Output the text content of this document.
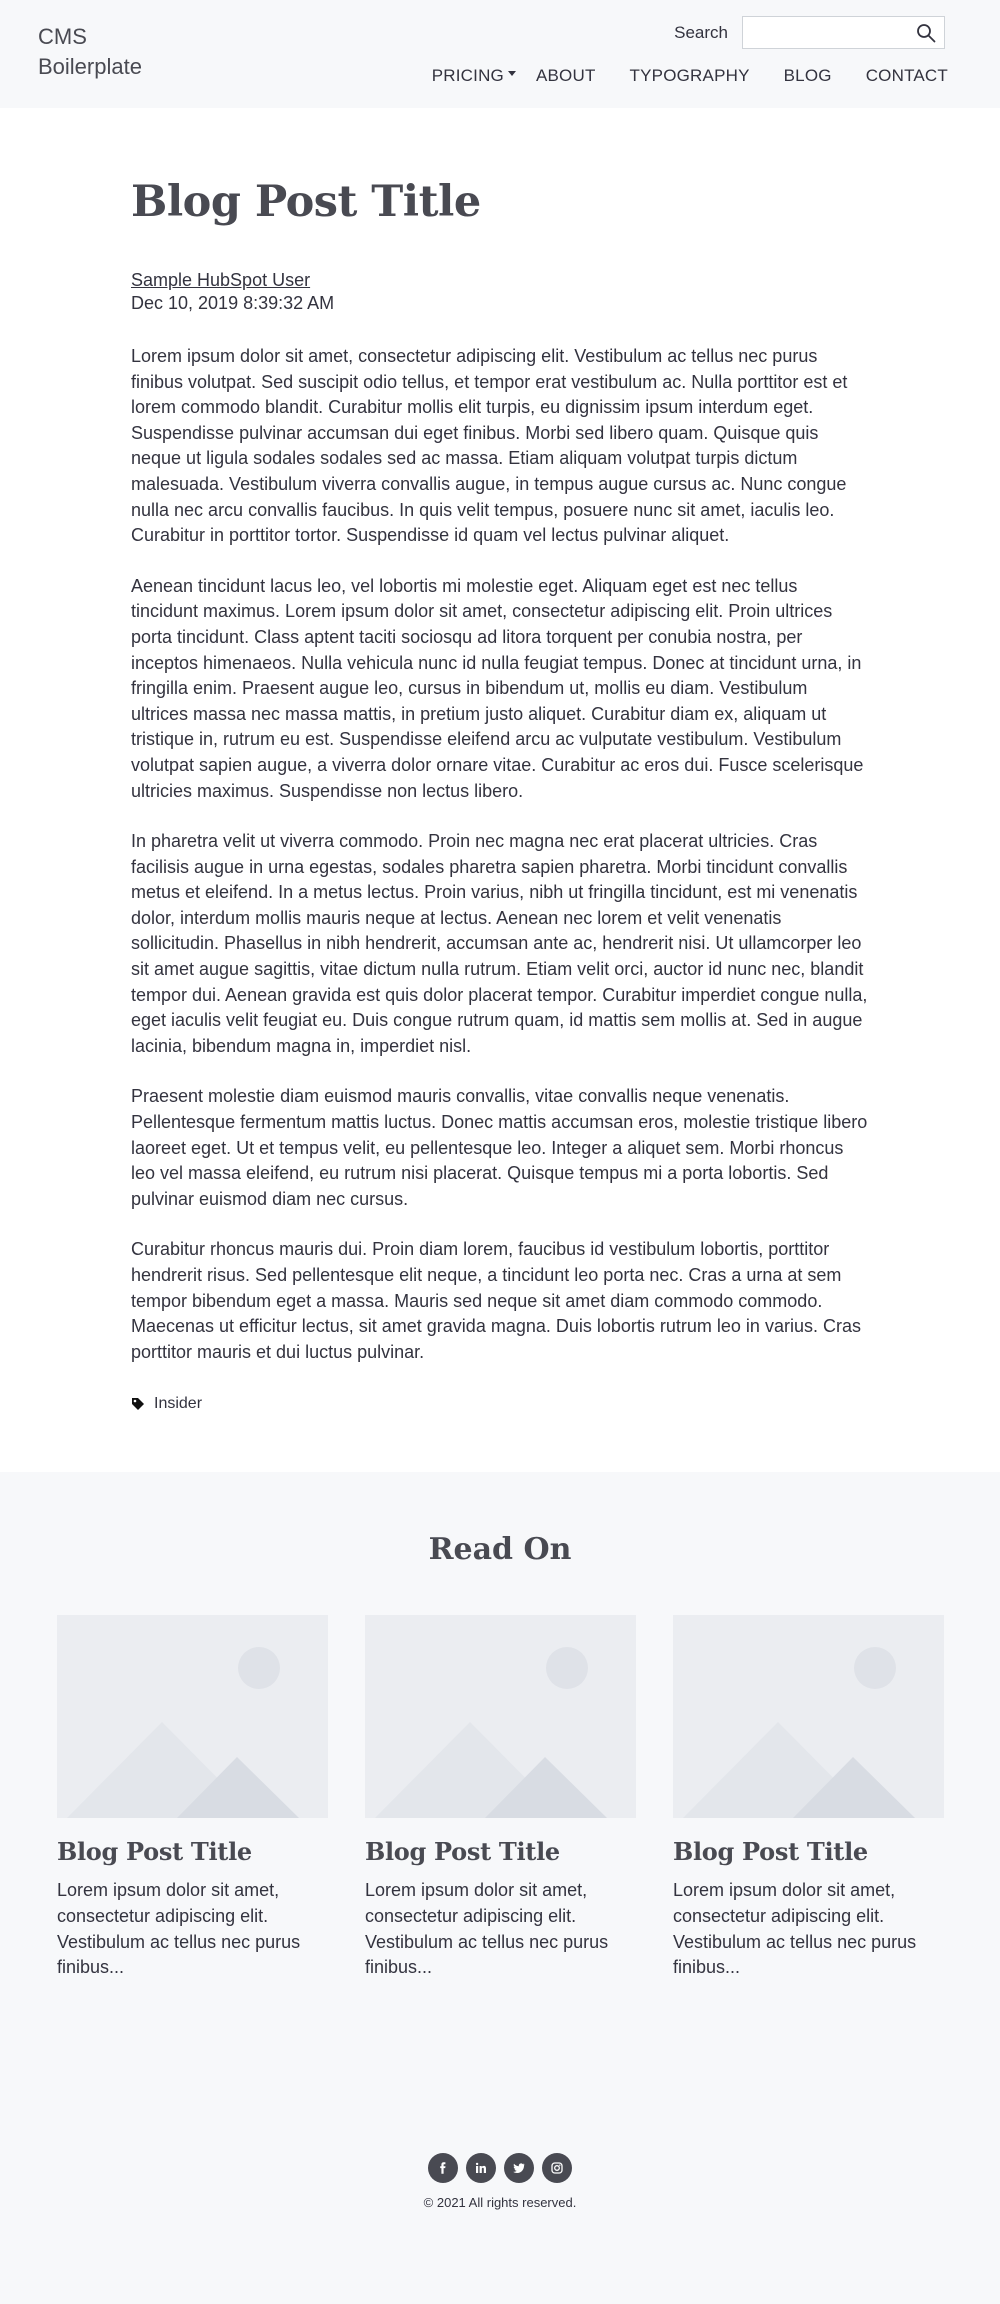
CMS
Boilerplate
Search
PRICING ABOUT TYPOGRAPHY BLOG CONTACT
Blog Post Title
Sample HubSpot User
Dec 10, 2019 8:39:32 AM

Lorem ipsum dolor sit amet, consectetur adipiscing elit. Vestibulum ac tellus nec purus finibus volutpat. Sed suscipit odio tellus, et tempor erat vestibulum ac. Nulla porttitor est et lorem commodo blandit. Curabitur mollis elit turpis, eu dignissim ipsum interdum eget. Suspendisse pulvinar accumsan dui eget finibus. Morbi sed libero quam. Quisque quis neque ut ligula sodales sodales sed ac massa. Etiam aliquam volutpat turpis dictum malesuada. Vestibulum viverra convallis augue, in tempus augue cursus ac. Nunc congue nulla nec arcu convallis faucibus. In quis velit tempus, posuere nunc sit amet, iaculis leo. Curabitur in porttitor tortor. Suspendisse id quam vel lectus pulvinar aliquet.

Aenean tincidunt lacus leo, vel lobortis mi molestie eget. Aliquam eget est nec tellus tincidunt maximus. Lorem ipsum dolor sit amet, consectetur adipiscing elit. Proin ultrices porta tincidunt. Class aptent taciti sociosqu ad litora torquent per conubia nostra, per inceptos himenaeos. Nulla vehicula nunc id nulla feugiat tempus. Donec at tincidunt urna, in fringilla enim. Praesent augue leo, cursus in bibendum ut, mollis eu diam. Vestibulum ultrices massa nec massa mattis, in pretium justo aliquet. Curabitur diam ex, aliquam ut tristique in, rutrum eu est. Suspendisse eleifend arcu ac vulputate vestibulum. Vestibulum volutpat sapien augue, a viverra dolor ornare vitae. Curabitur ac eros dui. Fusce scelerisque ultricies maximus. Suspendisse non lectus libero.

In pharetra velit ut viverra commodo. Proin nec magna nec erat placerat ultricies. Cras facilisis augue in urna egestas, sodales pharetra sapien pharetra. Morbi tincidunt convallis metus et eleifend. In a metus lectus. Proin varius, nibh ut fringilla tincidunt, est mi venenatis dolor, interdum mollis mauris neque at lectus. Aenean nec lorem et velit venenatis sollicitudin. Phasellus in nibh hendrerit, accumsan ante ac, hendrerit nisi. Ut ullamcorper leo sit amet augue sagittis, vitae dictum nulla rutrum. Etiam velit orci, auctor id nunc nec, blandit tempor dui. Aenean gravida est quis dolor placerat tempor. Curabitur imperdiet congue nulla, eget iaculis velit feugiat eu. Duis congue rutrum quam, id mattis sem mollis at. Sed in augue lacinia, bibendum magna in, imperdiet nisl.

Praesent molestie diam euismod mauris convallis, vitae convallis neque venenatis. Pellentesque fermentum mattis luctus. Donec mattis accumsan eros, molestie tristique libero laoreet eget. Ut et tempus velit, eu pellentesque leo. Integer a aliquet sem. Morbi rhoncus leo vel massa eleifend, eu rutrum nisi placerat. Quisque tempus mi a porta lobortis. Sed pulvinar euismod diam nec cursus.

Curabitur rhoncus mauris dui. Proin diam lorem, faucibus id vestibulum lobortis, porttitor hendrerit risus. Sed pellentesque elit neque, a tincidunt leo porta nec. Cras a urna at sem tempor bibendum eget a massa. Mauris sed neque sit amet diam commodo commodo. Maecenas ut efficitur lectus, sit amet gravida magna. Duis lobortis rutrum leo in varius. Cras porttitor mauris et dui luctus pulvinar.

Insider
Read On
Blog Post Title

Lorem ipsum dolor sit amet, consectetur adipiscing elit. Vestibulum ac tellus nec purus finibus...

Blog Post Title

Lorem ipsum dolor sit amet, consectetur adipiscing elit. Vestibulum ac tellus nec purus finibus...

Blog Post Title

Lorem ipsum dolor sit amet, consectetur adipiscing elit. Vestibulum ac tellus nec purus finibus...

© 2021 All rights reserved.
